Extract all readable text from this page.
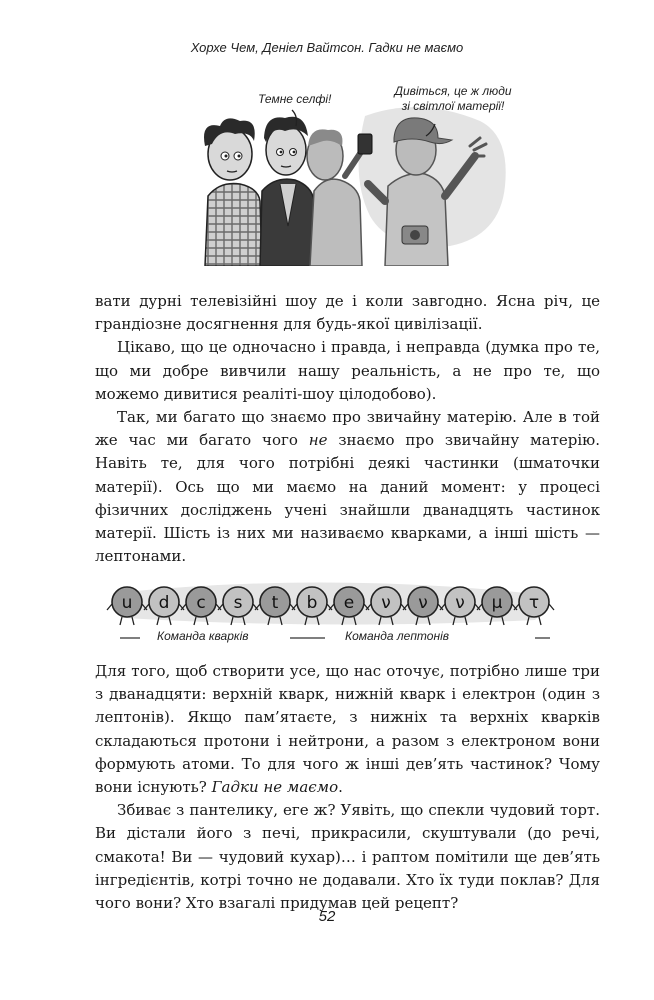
Хорхе Чем, Деніел Вайтсон. Гадки не маємо
Темне селфі!
Дивіться, це ж люди
зі світлої матерії!

вати дурні телевізійні шоу де і коли завгодно. Ясна річ, це грандіозне досягнення для будь-якої цивілізації.

Цікаво, що це одночасно і правда, і неправда (думка про те, що ми добре вивчили нашу реальність, а не про те, що можемо дивитися реаліті-шоу цілодобово).

Так, ми багато що знаємо про звичайну матерію. Але в той же час ми багато чого не знаємо про звичайну матерію. Навіть те, для чого потрібні деякі частинки (шматочки матерії). Ось що ми маємо на даний момент: у процесі фізичних досліджень учені знайшли дванадцять частинок матерії. Шість із них ми називаємо кварками, а інші шість — лептонами.

u d c s t b e ν ν ν μ τ
Команда кварків	Команда лептонів

Для того, щоб створити усе, що нас оточує, потрібно лише три з дванадцяти: верхній кварк, нижній кварк і електрон (один з лептонів). Якщо пам’ятаєте, з нижніх та верхніх кварків складаються протони і нейтрони, а разом з електроном вони формують атоми. То для чого ж інші дев’ять частинок? Чому вони існують? Гадки не маємо.

Збиває з пантелику, еге ж? Уявіть, що спекли чудовий торт. Ви дістали його з печі, прикрасили, скуштували (до речі, смакота! Ви — чудовий кухар)… і раптом помітили ще дев’ять інгредієнтів, котрі точно не додавали. Хто їх туди поклав? Для чого вони? Хто взагалі придумав цей рецепт?

52
